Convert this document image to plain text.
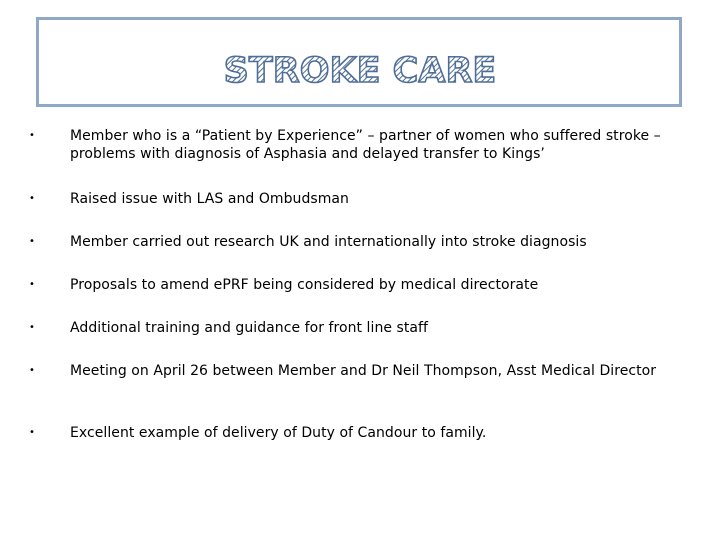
STROKE CARE
•	Member who is a “Patient by Experience” – partner of women who suffered stroke – problems with diagnosis of Asphasia and delayed transfer to Kings’
•	Raised issue with LAS and Ombudsman
•	Member carried out research UK and internationally into stroke diagnosis
•	Proposals to amend ePRF being considered by medical directorate
•	Additional training and guidance for front line staff
•	Meeting on April 26 between Member and Dr Neil Thompson, Asst Medical Director
•	Excellent example of delivery of Duty of Candour to family.
